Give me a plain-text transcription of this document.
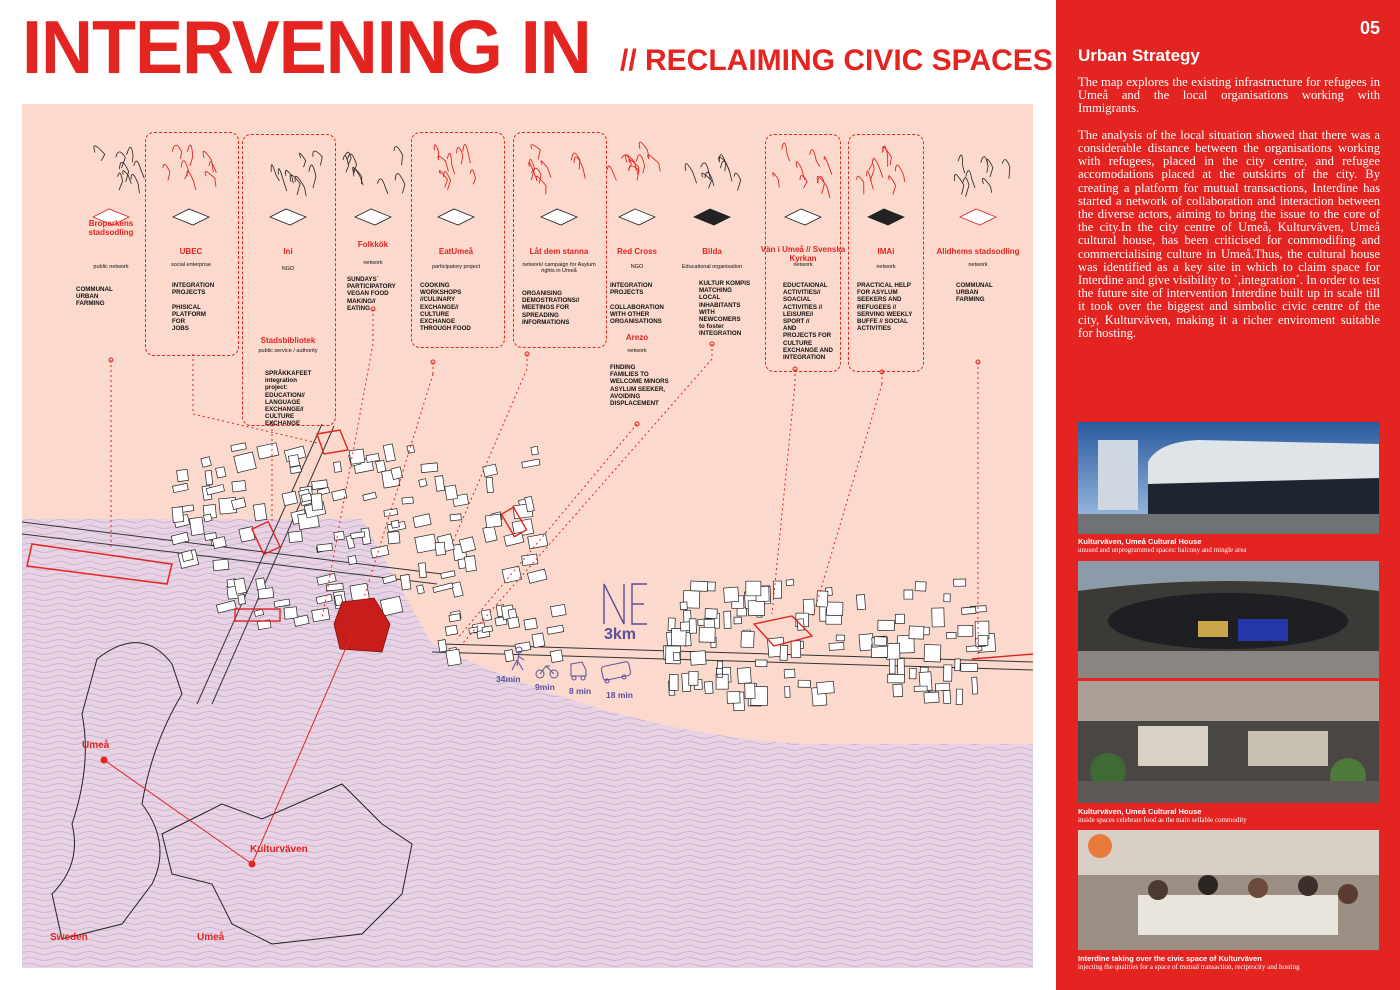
INTERVENING IN // RECLAIMING CIVIC SPACES
Broparkens stadsodling
public network
COMMUNAL
URBAN
FARMING
UBEC
social enterprise
INTEGRATION
PROJECTS

PHISICAL
PLATFORM
FOR
JOBS
Ini
NGO
Stadsbibliotek
public service / authority
SPRÅKKAFEET
integration
project:
EDUCATION//
LANGUAGE
EXCHANGE//
CULTURE
EXCHANGE
Folkkök
network
SUNDAYS`
PARTICIPATORY
VEGAN FOOD
MAKING//
EATING
EatUmeå
participatory project
COOKING
WORKSHOPS
//CULINARY
EXCHANGE//
CULTURE
EXCHANGE
THROUGH FOOD
Låt dem stanna
network/ campaign for Asylum rights in Umeå
ORGANISING
DEMOSTRATIONS//
MEETINGS FOR
SPREADING
INFORMATIONS
Red Cross
NGO
INTEGRATION
PROJECTS

COLLABORATION
WITH OTHER
ORGANISATIONS
Arezo
network
FINDING
FAMILIES TO
WELCOME MINORS
ASYLUM SEEKER,
AVOIDING
DISPLACEMENT
Bilda
Educational organisation
KULTUR KOMPIS
MATCHING
LOCAL
INHABITANTS
WITH
NEWCOMERS
to foster
INTEGRATION
Vän i Umeå // Svenska Kyrkan
network
EDUCTAIONAL
ACTIVITIES//
SOACIAL
ACTIVITIES //
LEISURE//
SPORT //
AND
PROJECTS FOR
CULTURE
EXCHANGE AND
INTEGRATION
IMAi
network
PRACTICAL HELP
FOR ASYLUM
SEEKERS AND
REFUGEES //
SERVING WEEKLY
BUFFE // SOCIAL
ACTIVITIES
Alidhems stadsodling
network
COMMUNAL
URBAN
FARMING
Umeå
Kulturväven
Sweden	Umeå
3km
34min
9min 8 min 18 min
05
Urban Strategy
The map explores the existing infrastructure for refugees in Umeå and the local organisations working with Immigrants.

The analysis of the local situation showed that there was a considerable distance between the organisations working with refugees, placed in the city centre, and refugee accomodations placed at the outskirts of the city. By creating a platform for mutual transactions, Interdine has started a network of collaboration and interaction between the diverse actors, aiming to bring the issue to the core of the city.In the city centre of Umeå, Kulturväven, Umeå cultural house, has been criticised for commodifing and commercialising culture in Umeå.Thus, the cultural house was identified as a key site in which to claim space for Interdine and give visibility to `,integration´. In order to test the future site of intervention Interdine built up in scale till it took over the biggest and simbolic civic centre of the city, Kulturväven, making it a richer enviroment suitable for hosting.
Kulturväven, Umeå Cultural House
unused and unprogrammed spaces: balcony and mingle area
Kulturväven, Umeå Cultural House
inside spaces celebrate food as the main sellable commodity
Interdine taking over the civic space of Kulturväven
injecting the qualities for a space of mutual transaction, reciprocity and hosting
